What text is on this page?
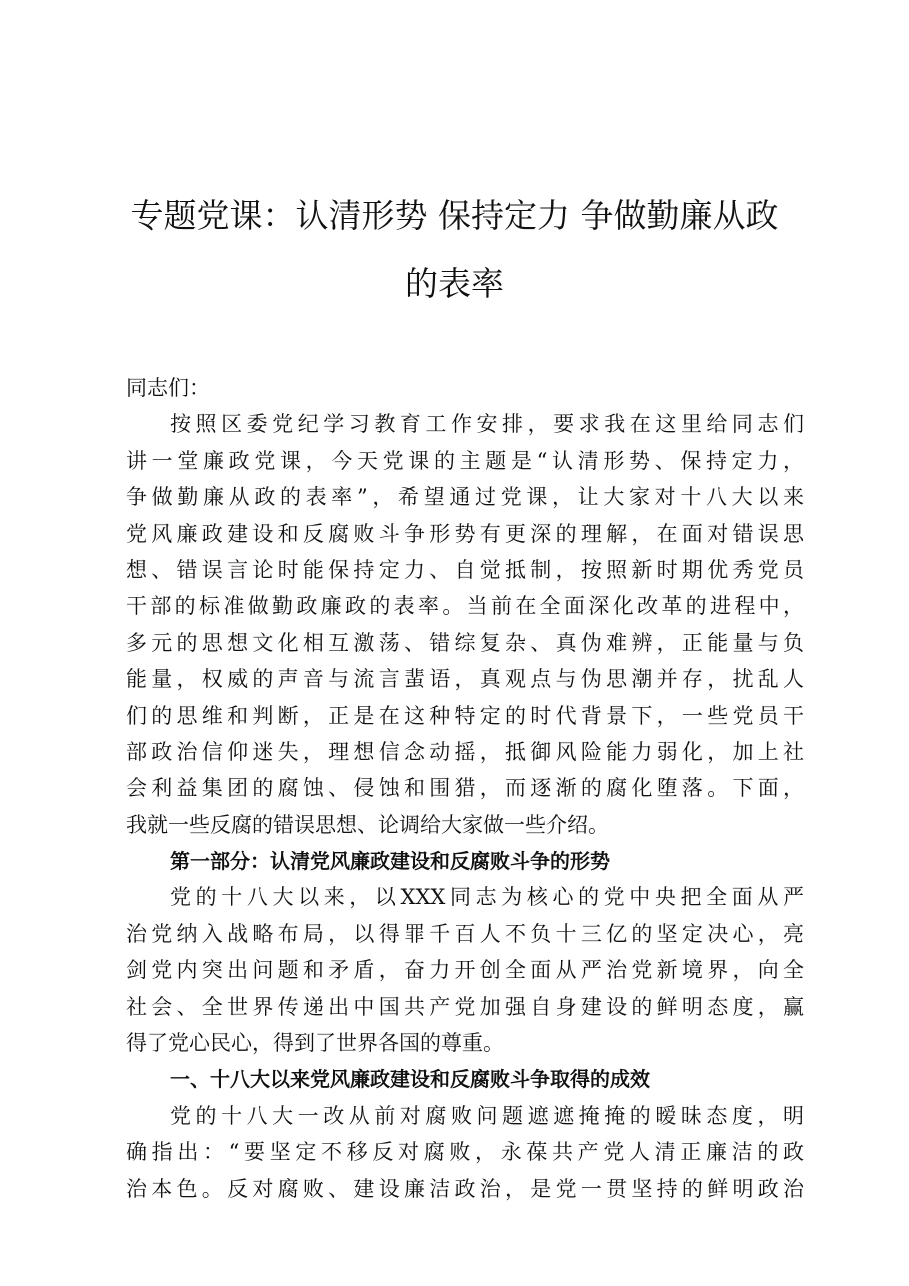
专题党课：认清形势 保持定力 争做勤廉从政
的表率
同志们：
按照区委党纪学习教育工作安排，要求我在这里给同志们
讲一堂廉政党课，今天党课的主题是“认清形势、保持定力，
争做勤廉从政的表率”，希望通过党课，让大家对十八大以来
党风廉政建设和反腐败斗争形势有更深的理解，在面对错误思
想、错误言论时能保持定力、自觉抵制，按照新时期优秀党员
干部的标准做勤政廉政的表率。当前在全面深化改革的进程中，
多元的思想文化相互激荡、错综复杂、真伪难辨，正能量与负
能量，权威的声音与流言蜚语，真观点与伪思潮并存，扰乱人
们的思维和判断，正是在这种特定的时代背景下，一些党员干
部政治信仰迷失，理想信念动摇，抵御风险能力弱化，加上社
会利益集团的腐蚀、侵蚀和围猎，而逐渐的腐化堕落。下面，
我就一些反腐的错误思想、论调给大家做一些介绍。
第一部分：认清党风廉政建设和反腐败斗争的形势
党的十八大以来，以XXX同志为核心的党中央把全面从严
治党纳入战略布局，以得罪千百人不负十三亿的坚定决心，亮
剑党内突出问题和矛盾，奋力开创全面从严治党新境界，向全
社会、全世界传递出中国共产党加强自身建设的鲜明态度，赢
得了党心民心，得到了世界各国的尊重。
一、十八大以来党风廉政建设和反腐败斗争取得的成效
党的十八大一改从前对腐败问题遮遮掩掩的暧昧态度，明
确指出：“要坚定不移反对腐败，永葆共产党人清正廉洁的政
治本色。反对腐败、建设廉洁政治，是党一贯坚持的鲜明政治
